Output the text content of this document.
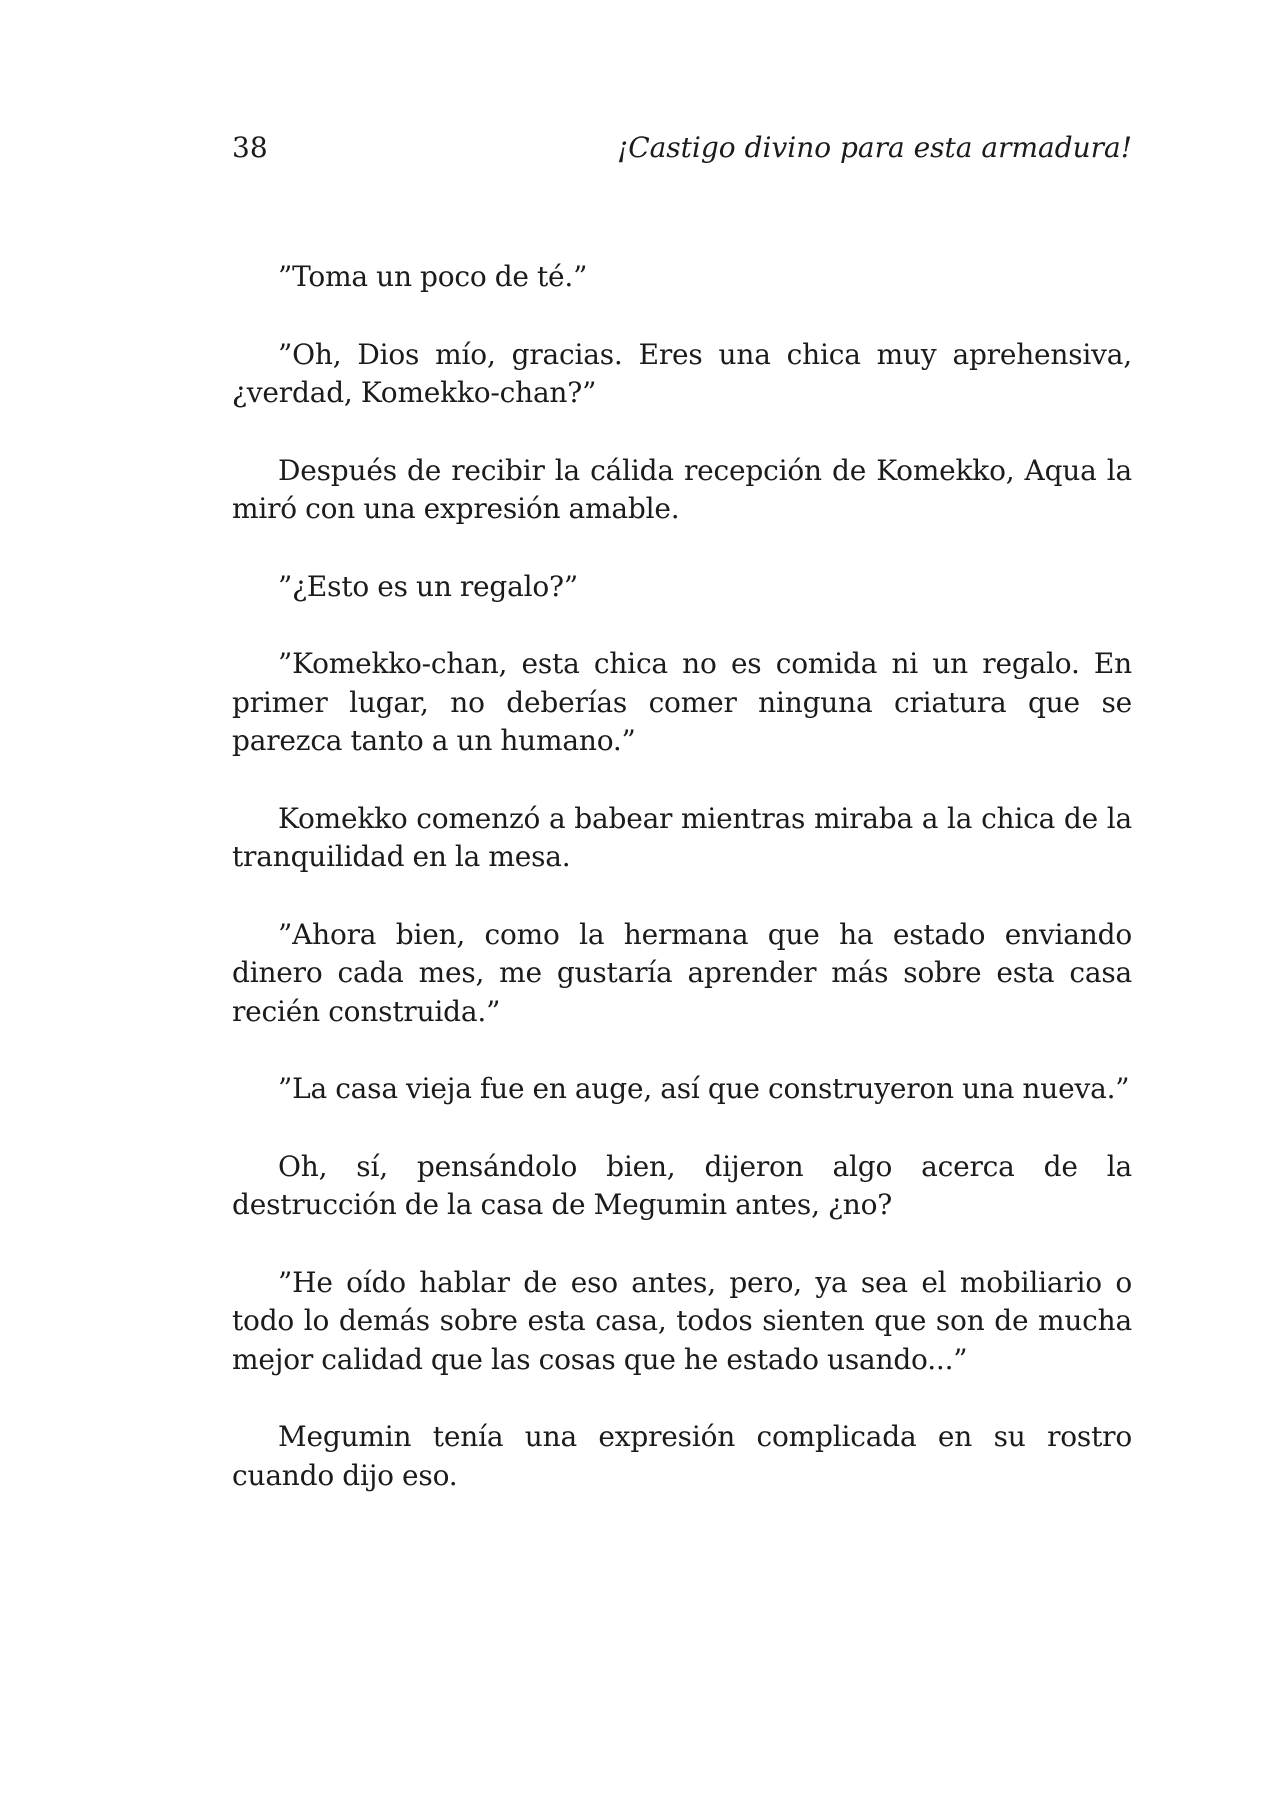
38	¡Castigo divino para esta armadura!

”Toma un poco de té.”

”Oh, Dios mío, gracias. Eres una chica muy aprehensiva, ¿verdad, Komekko-chan?”

Después de recibir la cálida recepción de Komekko, Aqua la miró con una expresión amable.

”¿Esto es un regalo?”

”Komekko-chan, esta chica no es comida ni un regalo. En primer lugar, no deberías comer ninguna criatura que se parezca tanto a un humano.”

Komekko comenzó a babear mientras miraba a la chica de la tranquilidad en la mesa.

”Ahora bien, como la hermana que ha estado enviando dinero cada mes, me gustaría aprender más sobre esta casa recién construida.”

”La casa vieja fue en auge, así que construyeron una nueva.”

Oh, sí, pensándolo bien, dijeron algo acerca de la destrucción de la casa de Megumin antes, ¿no?

”He oído hablar de eso antes, pero, ya sea el mobiliario o todo lo demás sobre esta casa, todos sienten que son de mucha mejor calidad que las cosas que he estado usando...”

Megumin tenía una expresión complicada en su rostro cuando dijo eso.
